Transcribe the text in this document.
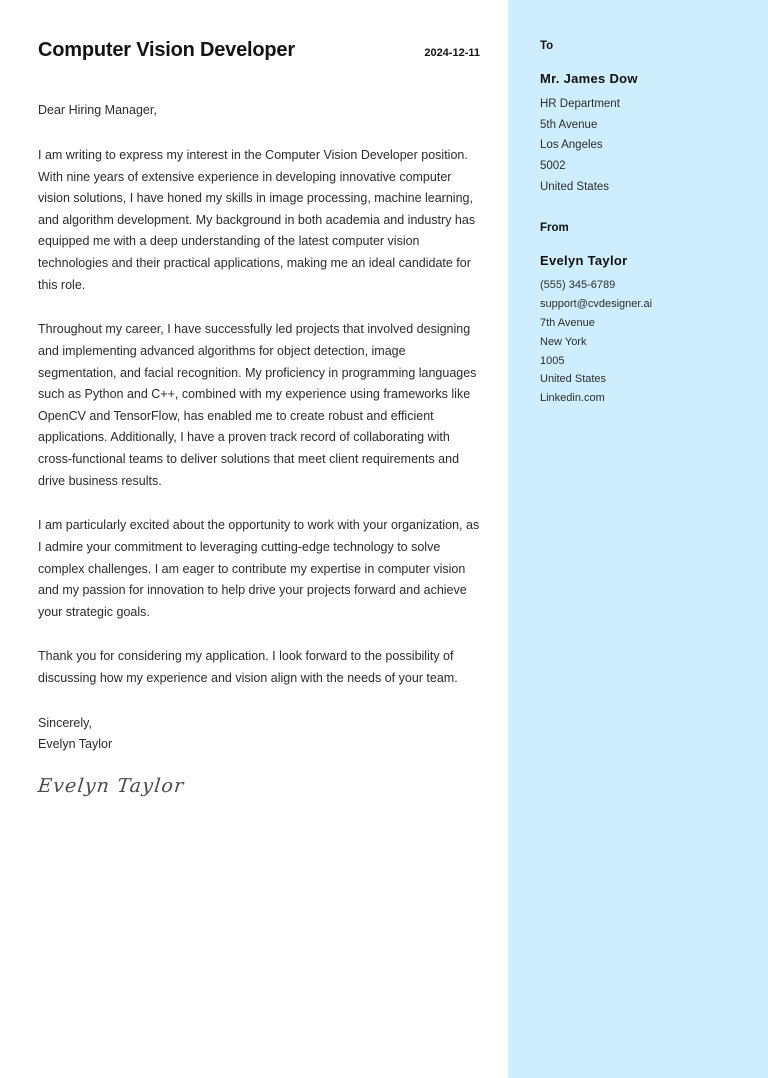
Computer Vision Developer	2024-12-11

Dear Hiring Manager,

I am writing to express my interest in the Computer Vision Developer position. With nine years of extensive experience in developing innovative computer vision solutions, I have honed my skills in image processing, machine learning, and algorithm development. My background in both academia and industry has equipped me with a deep understanding of the latest computer vision technologies and their practical applications, making me an ideal candidate for this role.

Throughout my career, I have successfully led projects that involved designing and implementing advanced algorithms for object detection, image segmentation, and facial recognition. My proficiency in programming languages such as Python and C++, combined with my experience using frameworks like OpenCV and TensorFlow, has enabled me to create robust and efficient applications. Additionally, I have a proven track record of collaborating with cross-functional teams to deliver solutions that meet client requirements and drive business results.

I am particularly excited about the opportunity to work with your organization, as I admire your commitment to leveraging cutting-edge technology to solve complex challenges. I am eager to contribute my expertise in computer vision and my passion for innovation to help drive your projects forward and achieve your strategic goals.

Thank you for considering my application. I look forward to the possibility of discussing how my experience and vision align with the needs of your team.

Sincerely,
Evelyn Taylor
Evelyn Taylor
To
Mr. James Dow
HR Department
5th Avenue
Los Angeles
5002
United States
From
Evelyn Taylor
(555) 345-6789
support@cvdesigner.ai
7th Avenue
New York
1005
United States
Linkedin.com
